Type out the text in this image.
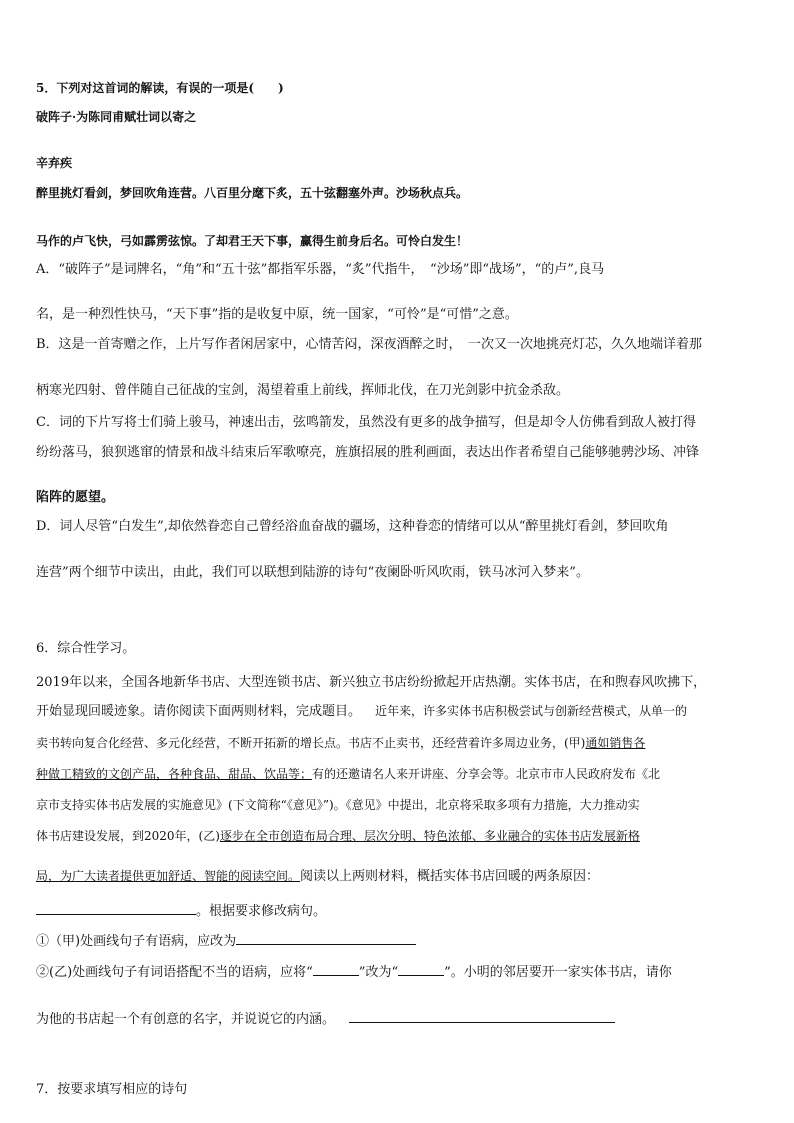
5．下列对这首词的解读，有误的一项是(　　)
破阵子·为陈同甫赋壮词以寄之
辛弃疾
醉里挑灯看剑，梦回吹角连营。八百里分麾下炙，五十弦翻塞外声。沙场秋点兵。
马作的卢飞快，弓如霹雳弦惊。了却君王天下事，赢得生前身后名。可怜白发生！
A．“破阵子”是词牌名，“角”和“五十弦”都指军乐器，“炙”代指牛，　“沙场”即“战场”，“的卢”,良马
名，是一种烈性快马，“天下事”指的是收复中原，统一国家，“可怜”是“可惜”之意。
B．这是一首寄赠之作，上片写作者闲居家中，心情苦闷，深夜酒醉之时，　一次又一次地挑亮灯芯，久久地端详着那
柄寒光四射、曾伴随自己征战的宝剑，渴望着重上前线，挥师北伐，在刀光剑影中抗金杀敌。
C．词的下片写将士们骑上骏马，神速出击，弦鸣箭发，虽然没有更多的战争描写，但是却令人仿佛看到敌人被打得
纷纷落马，狼狈逃窜的情景和战斗结束后军歌嘹亮，旌旗招展的胜利画面，表达出作者希望自己能够驰骋沙场、冲锋
陷阵的愿望。
D．词人尽管“白发生”,却依然眷恋自己曾经浴血奋战的疆场，这种眷恋的情绪可以从“醉里挑灯看剑，梦回吹角
连营”两个细节中读出，由此，我们可以联想到陆游的诗句“夜阑卧听风吹雨，铁马冰河入梦来”。
6．综合性学习。
2019年以来，全国各地新华书店、大型连锁书店、新兴独立书店纷纷掀起开店热潮。实体书店，在和煦春风吹拂下，
开始显现回暖迹象。请你阅读下面两则材料，完成题目。 近年来，许多实体书店积极尝试与创新经营模式，从单一的
卖书转向复合化经营、多元化经营，不断开拓新的增长点。书店不止卖书，还经营着许多周边业务，(甲)通如销售各
种做工精致的文创产品，各种食品、甜品、饮品等；有的还邀请名人来开讲座、分享会等。北京市市人民政府发布《北
京市支持实体书店发展的实施意见》(下文简称“《意见》”)。《意见》中提出，北京将采取多项有力措施，大力推动实
体书店建设发展，到2020年，(乙)逐步在全市创造布局合理、层次分明、特色浓郁、多业融合的实体书店发展新格
局，为广大读者提供更加舒适、智能的阅读空间。阅读以上两则材料，概括实体书店回暖的两条原因：
。根据要求修改病句。
①（甲)处画线句子有语病，应改为
②(乙)处画线句子有词语搭配不当的语病，应将“	”改为“	”。小明的邻居要开一家实体书店，请你
为他的书店起一个有创意的名字，并说说它的内涵。
7．按要求填写相应的诗句
